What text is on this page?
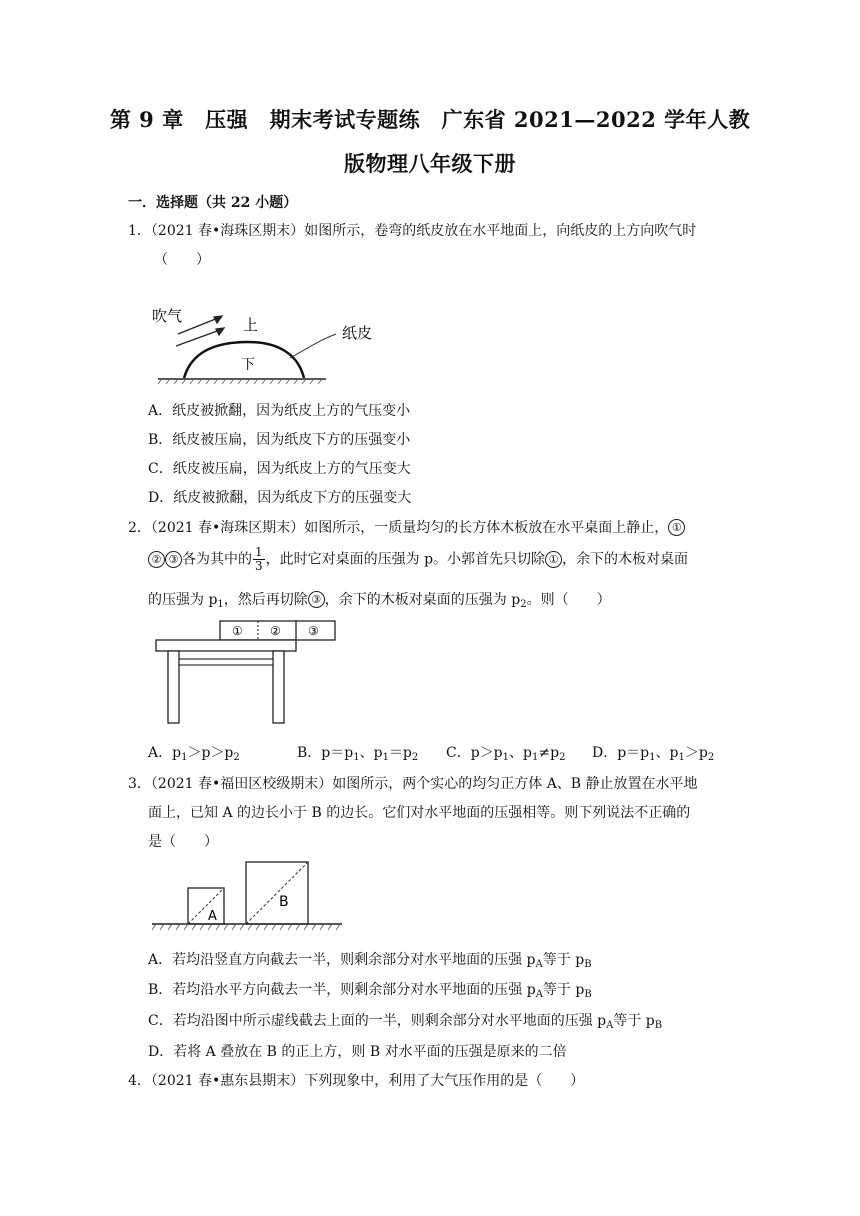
第 9 章　压强　期末考试专题练　广东省 2021—2022 学年人教
版物理八年级下册
一．选择题（共 22 小题）
1．（2021 春•海珠区期末）如图所示，卷弯的纸皮放在水平地面上，向纸皮的上方向吹气时
（　　）
吹气	上
下
纸皮
A．纸皮被掀翻，因为纸皮上方的气压变小
B．纸皮被压扁，因为纸皮下方的压强变小
C．纸皮被压扁，因为纸皮上方的气压变大
D．纸皮被掀翻，因为纸皮下方的压强变大
2．（2021 春•海珠区期末）如图所示，一质量均匀的长方体木板放在水平桌面上静止， ①
② ③ 各为其中的 $\frac{1}{3}$ ，此时它对桌面的压强为 p。小郭首先只切除 ① ，余下的木板对桌面
的压强为 $p_1$，然后再切除 ③ ，余下的木板对桌面的压强为 $p_2$。则（　　）
① ② ③
A．$p_1>p>p_2$	B．$p=p_1$、$p_1=p_2$ C．$p>p_1$、$p_1\ne p_2$ D．$p=p_1$、$p_1>p_2$
3．（2021 春•福田区校级期末）如图所示，两个实心的均匀正方体 A、B 静止放置在水平地
面上，已知 A 的边长小于 B 的边长。它们对水平地面的压强相等。则下列说法不正确的
是（　　）
A
B
A．若均沿竖直方向截去一半，则剩余部分对水平地面的压强 $p_A$等于 $p_B$
B．若均沿水平方向截去一半，则剩余部分对水平地面的压强 $p_A$等于 $p_B$
C．若均沿图中所示虚线截去上面的一半，则剩余部分对水平地面的压强 $p_A$等于 $p_B$
D．若将 A 叠放在 B 的正上方，则 B 对水平面的压强是原来的二倍
4．（2021 春•惠东县期末）下列现象中，利用了大气压作用的是（　　）
